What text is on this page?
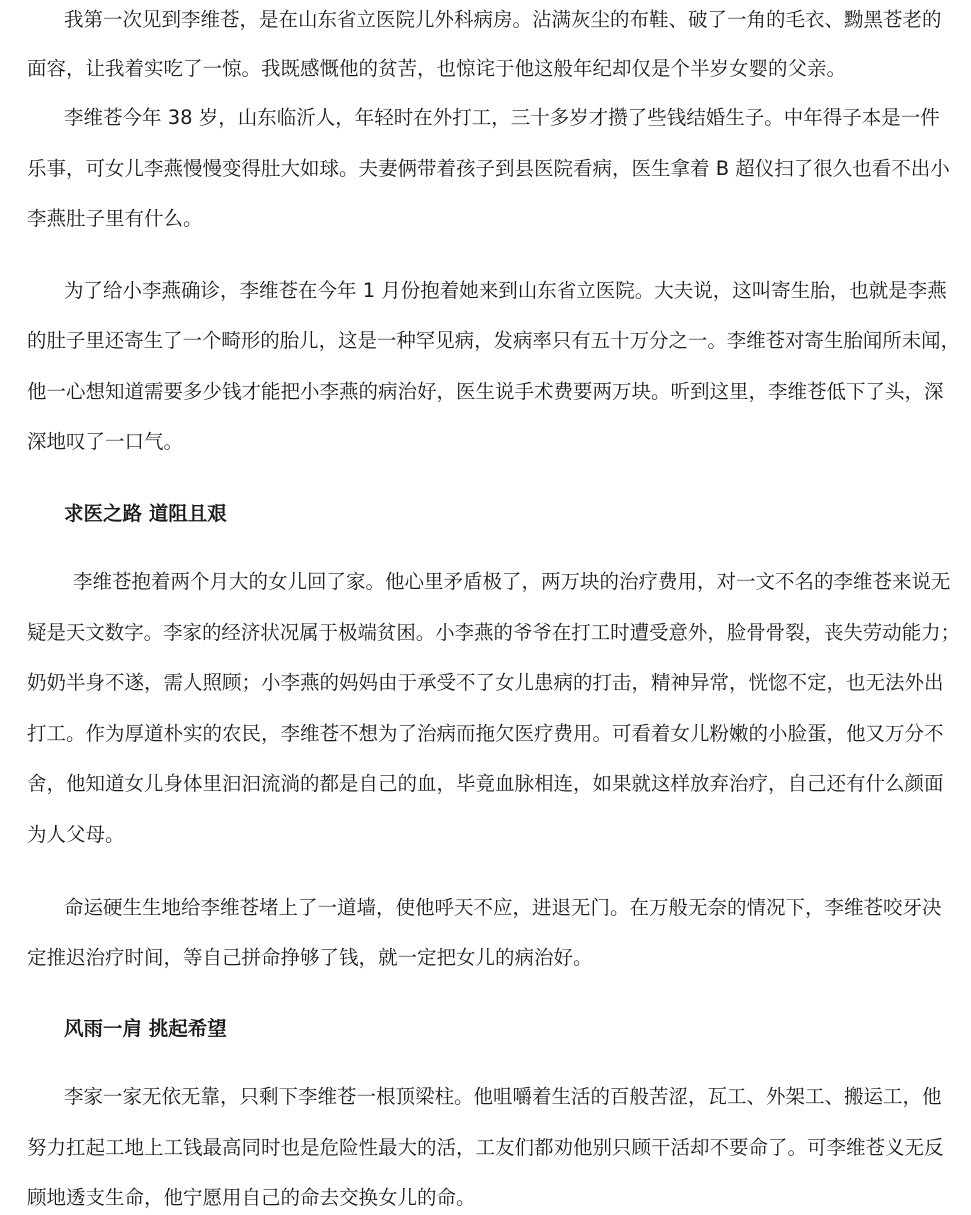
我第一次见到李维苍，是在山东省立医院儿外科病房。沾满灰尘的布鞋、破了一角的毛衣、黝黑苍老的
面容，让我着实吃了一惊。我既感慨他的贫苦，也惊诧于他这般年纪却仅是个半岁女婴的父亲。
李维苍今年 38 岁，山东临沂人，年轻时在外打工，三十多岁才攒了些钱结婚生子。中年得子本是一件
乐事，可女儿李燕慢慢变得肚大如球。夫妻俩带着孩子到县医院看病，医生拿着 B 超仪扫了很久也看不出小
李燕肚子里有什么。
为了给小李燕确诊，李维苍在今年 1 月份抱着她来到山东省立医院。大夫说，这叫寄生胎，也就是李燕
的肚子里还寄生了一个畸形的胎儿，这是一种罕见病，发病率只有五十万分之一。李维苍对寄生胎闻所未闻，
他一心想知道需要多少钱才能把小李燕的病治好，医生说手术费要两万块。听到这里，李维苍低下了头，深
深地叹了一口气。
求医之路 道阻且艰
李维苍抱着两个月大的女儿回了家。他心里矛盾极了，两万块的治疗费用，对一文不名的李维苍来说无
疑是天文数字。李家的经济状况属于极端贫困。小李燕的爷爷在打工时遭受意外，脸骨骨裂，丧失劳动能力；
奶奶半身不遂，需人照顾；小李燕的妈妈由于承受不了女儿患病的打击，精神异常，恍惚不定，也无法外出
打工。作为厚道朴实的农民，李维苍不想为了治病而拖欠医疗费用。可看着女儿粉嫩的小脸蛋，他又万分不
舍，他知道女儿身体里汩汩流淌的都是自己的血，毕竟血脉相连，如果就这样放弃治疗，自己还有什么颜面
为人父母。
命运硬生生地给李维苍堵上了一道墙，使他呼天不应，进退无门。在万般无奈的情况下，李维苍咬牙决
定推迟治疗时间，等自己拼命挣够了钱，就一定把女儿的病治好。
风雨一肩 挑起希望
李家一家无依无靠，只剩下李维苍一根顶梁柱。他咀嚼着生活的百般苦涩，瓦工、外架工、搬运工，他
努力扛起工地上工钱最高同时也是危险性最大的活，工友们都劝他别只顾干活却不要命了。可李维苍义无反
顾地透支生命，他宁愿用自己的命去交换女儿的命。
